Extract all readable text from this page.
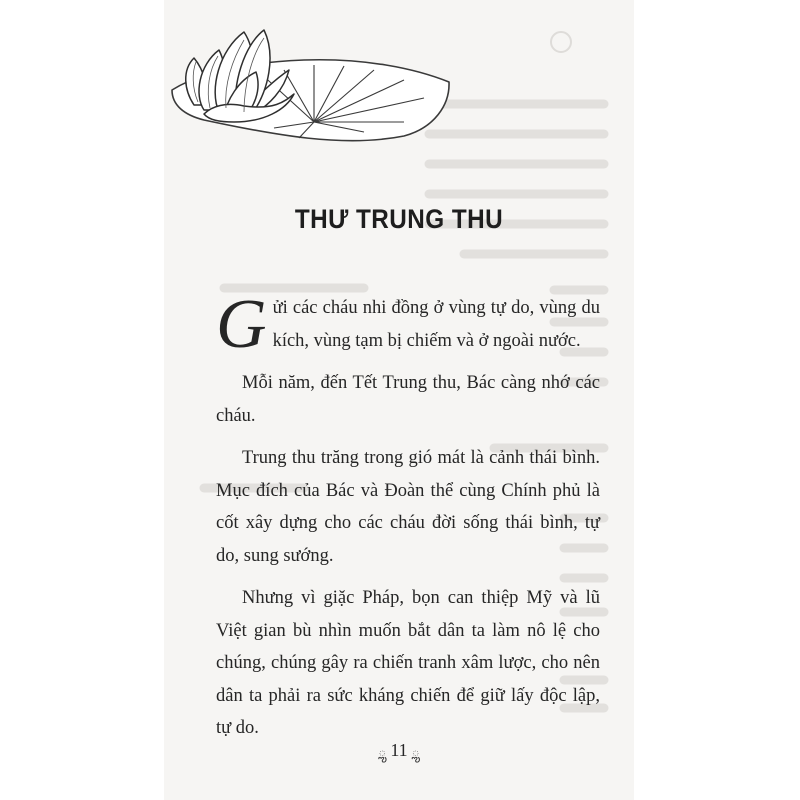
THƯ TRUNG THU

Gửi các cháu nhi đồng ở vùng tự do, vùng du kích, vùng tạm bị chiếm và ở ngoài nước.

Mỗi năm, đến Tết Trung thu, Bác càng nhớ các cháu.

Trung thu trăng trong gió mát là cảnh thái bình. Mục đích của Bác và Đoàn thể cùng Chính phủ là cốt xây dựng cho các cháu đời sống thái bình, tự do, sung sướng.

Nhưng vì giặc Pháp, bọn can thiệp Mỹ và lũ Việt gian bù nhìn muốn bắt dân ta làm nô lệ cho chúng, chúng gây ra chiến tranh xâm lược, cho nên dân ta phải ra sức kháng chiến để giữ lấy độc lập, tự do.

ౢ 11 ౢ
